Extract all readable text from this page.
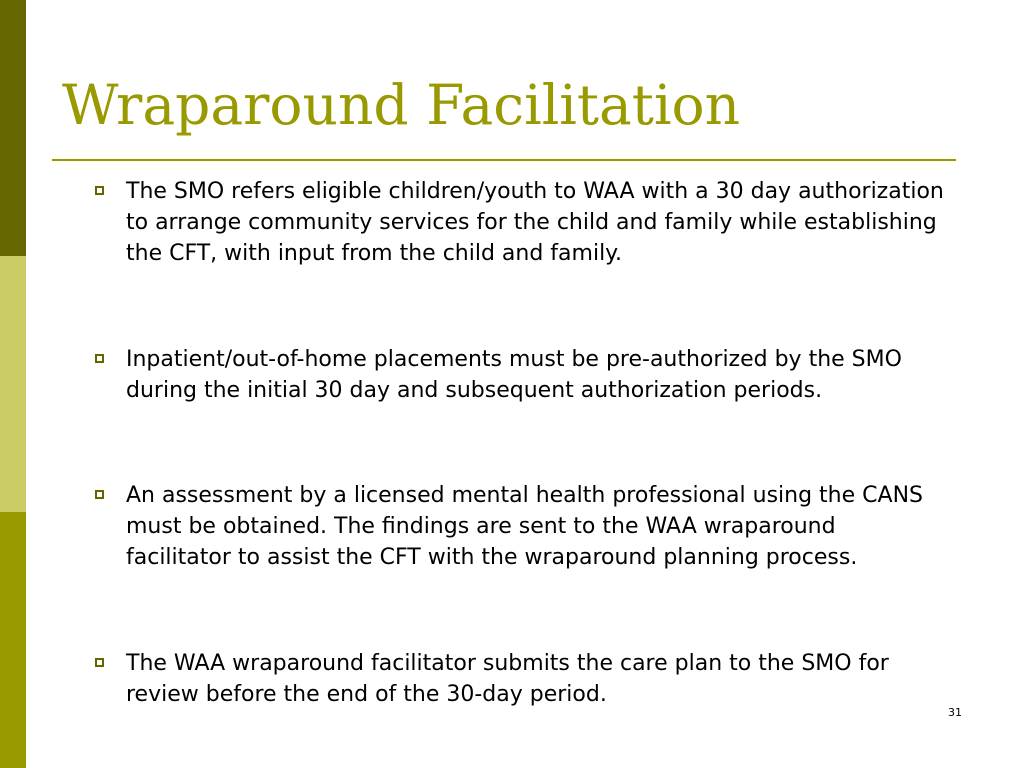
Wraparound Facilitation
The SMO refers eligible children/youth to WAA with a 30 day authorization to arrange community services for the child and family while establishing the CFT, with input from the child and family.
Inpatient/out-of-home placements must be pre-authorized by the SMO during the initial 30 day and subsequent authorization periods.
An assessment by a licensed mental health professional using the CANS must be obtained. The findings are sent to the WAA wraparound facilitator to assist the CFT with the wraparound planning process.
The WAA wraparound facilitator submits the care plan to the SMO for review before the end of the 30-day period.
31
